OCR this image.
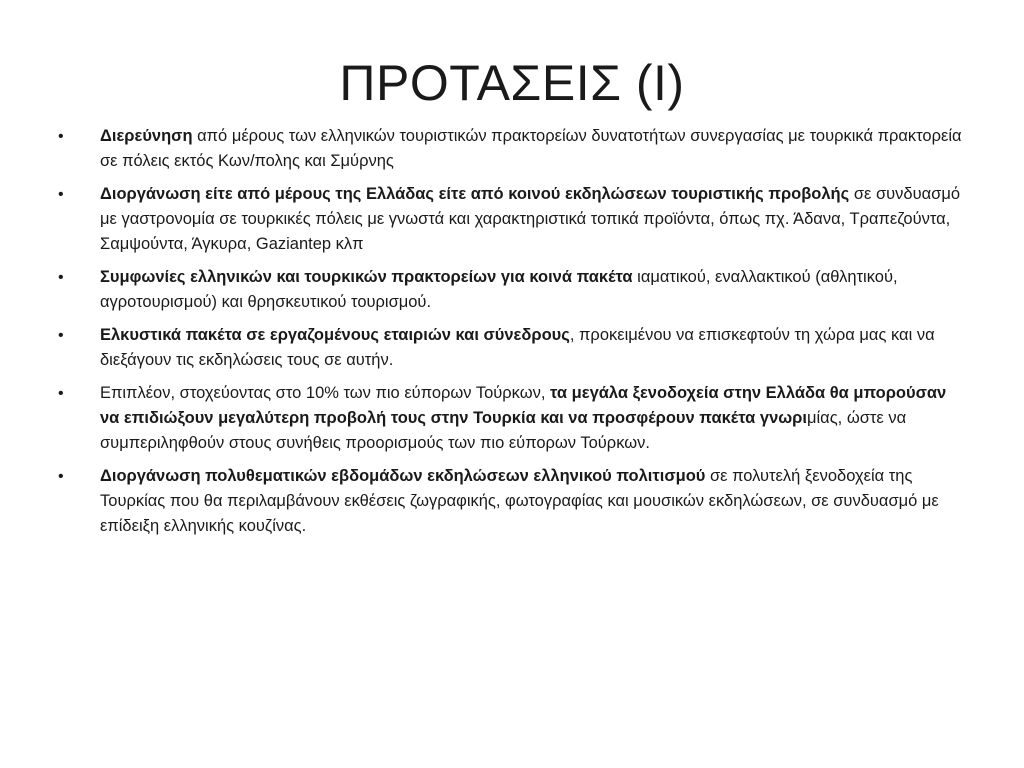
ΠΡΟΤΑΣΕΙΣ (Ι)
• Διερεύνηση από μέρους των ελληνικών τουριστικών πρακτορείων δυνατοτήτων συνεργασίας με τουρκικά πρακτορεία σε πόλεις εκτός Κων/πολης και Σμύρνης
• Διοργάνωση είτε από μέρους της Ελλάδας είτε από κοινού εκδηλώσεων τουριστικής προβολής σε συνδυασμό με γαστρονομία σε τουρκικές πόλεις με γνωστά και χαρακτηριστικά τοπικά προϊόντα, όπως πχ. Άδανα, Τραπεζούντα, Σαμψούντα, Άγκυρα, Gaziantep κλπ
• Συμφωνίες ελληνικών και τουρκικών πρακτορείων για κοινά πακέτα ιαματικού, εναλλακτικού (αθλητικού, αγροτουρισμού) και θρησκευτικού τουρισμού.
• Ελκυστικά πακέτα σε εργαζομένους εταιριών και σύνεδρους, προκειμένου να επισκεφτούν τη χώρα μας και να διεξάγουν τις εκδηλώσεις τους σε αυτήν.
• Επιπλέον, στοχεύοντας στο 10% των πιο εύπορων Τούρκων, τα μεγάλα ξενοδοχεία στην Ελλάδα θα μπορούσαν να επιδιώξουν μεγαλύτερη προβολή τους στην Τουρκία και να προσφέρουν πακέτα γνωριμίας, ώστε να συμπεριληφθούν στους συνήθεις προορισμούς των πιο εύπορων Τούρκων.
• Διοργάνωση πολυθεματικών εβδομάδων εκδηλώσεων ελληνικού πολιτισμού σε πολυτελή ξενοδοχεία της Τουρκίας που θα περιλαμβάνουν εκθέσεις ζωγραφικής, φωτογραφίας και μουσικών εκδηλώσεων, σε συνδυασμό με επίδειξη ελληνικής κουζίνας.
